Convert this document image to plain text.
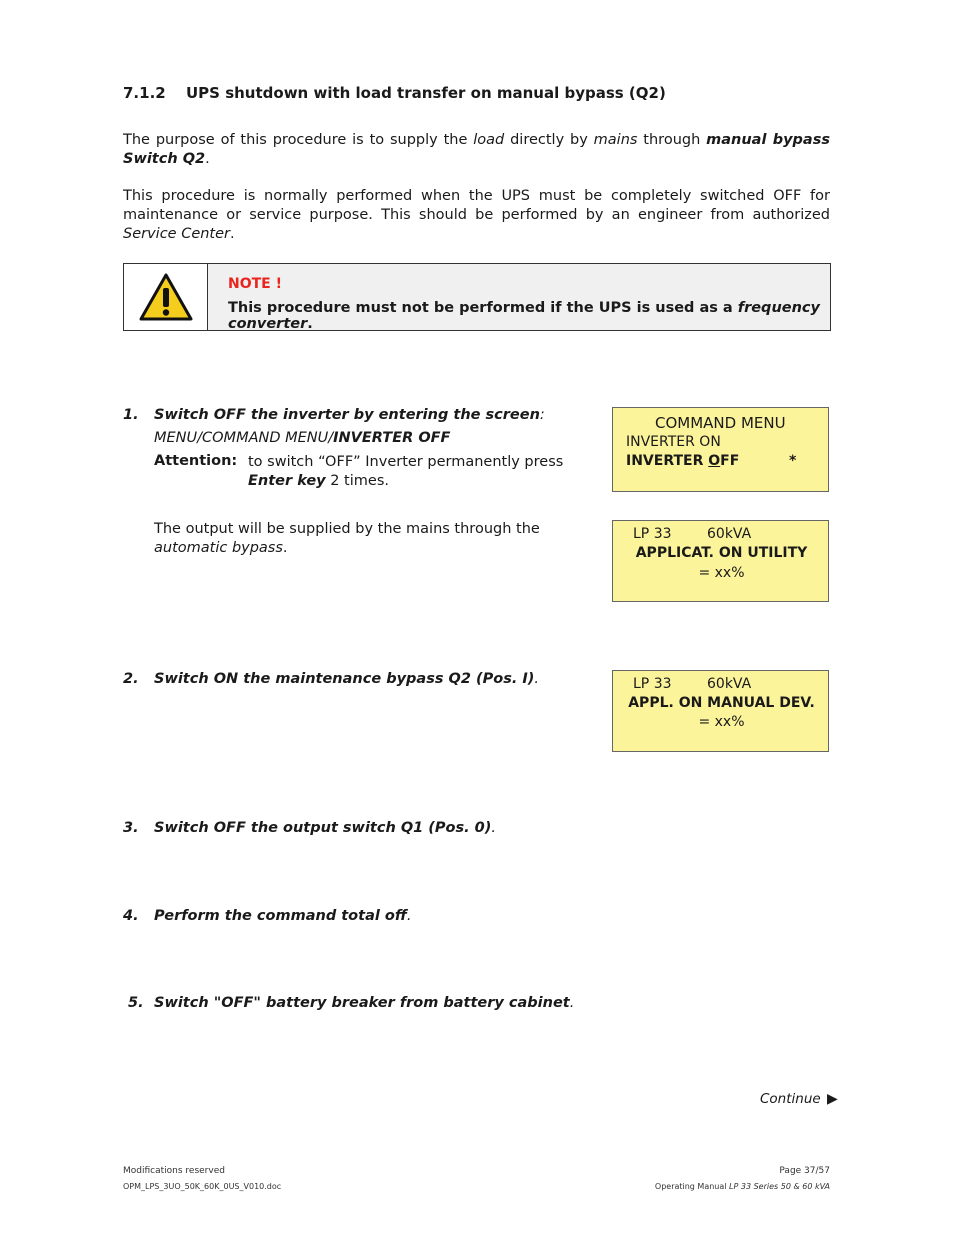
7.1.2 UPS shutdown with load transfer on manual bypass (Q2)
The purpose of this procedure is to supply the load directly by mains through manual bypass Switch Q2.
This procedure is normally performed when the UPS must be completely switched OFF for maintenance or service purpose. This should be performed by an engineer from authorized Service Center.
NOTE !
This procedure must not be performed if the UPS is used as a frequency converter.
1. Switch OFF the inverter by entering the screen:
MENU/COMMAND MENU/INVERTER OFF
Attention: to switch “OFF” Inverter permanently press Enter key 2 times.
The output will be supplied by the mains through the automatic bypass.
COMMAND MENU
INVERTER ON
INVERTER OFF	*
LP 33	60kVA
APPLICAT. ON UTILITY
= xx%
2. Switch ON the maintenance bypass Q2 (Pos. I).	LP 33	60kVA
APPL. ON MANUAL DEV.
= xx%
3. Switch OFF the output switch Q1 (Pos. 0).
4. Perform the command total off.
5. Switch "OFF" battery breaker from battery cabinet.
Continue ▶
Modifications reserved
OPM_LPS_3UO_50K_60K_0US_V010.doc
Page 37/57
Operating Manual LP 33 Series 50 & 60 kVA
